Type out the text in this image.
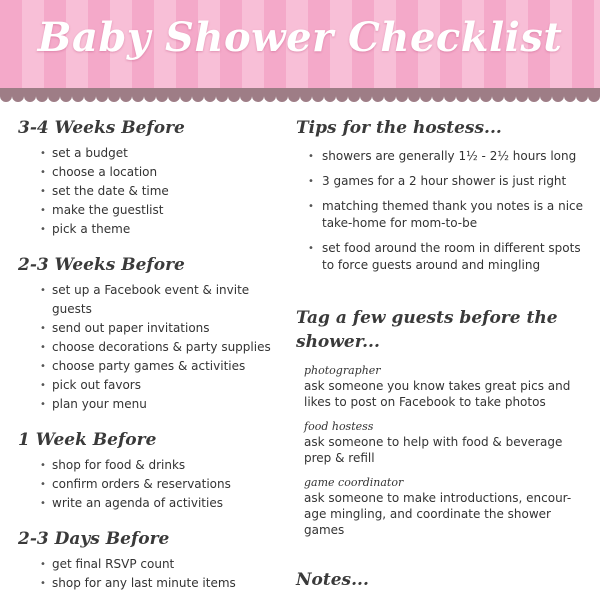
Baby Shower Checklist
3-4 Weeks Before
• set a budget
• choose a location
• set the date & time
• make the guestlist
• pick a theme
2-3 Weeks Before
• set up a Facebook event & invite guests
• send out paper invitations
• choose decorations & party supplies
• choose party games & activities
• pick out favors
• plan your menu
1 Week Before
• shop for food & drinks
• confirm orders & reservations
• write an agenda of activities
2-3 Days Before
• get final RSVP count
• shop for any last minute items
Tips for the hostess...
• showers are generally 1½ - 2½ hours long
• 3 games for a 2 hour shower is just right
• matching themed thank you notes is a nice take-home for mom-to-be
• set food around the room in different spots to force guests around and mingling
Tag a few guests before the shower...

photographer

ask someone you know takes great pics and likes to post on Facebook to take photos

food hostess

ask someone to help with food & beverage prep & refill

game coordinator

ask someone to make introductions, encour-age mingling, and coordinate the shower games

Notes...
